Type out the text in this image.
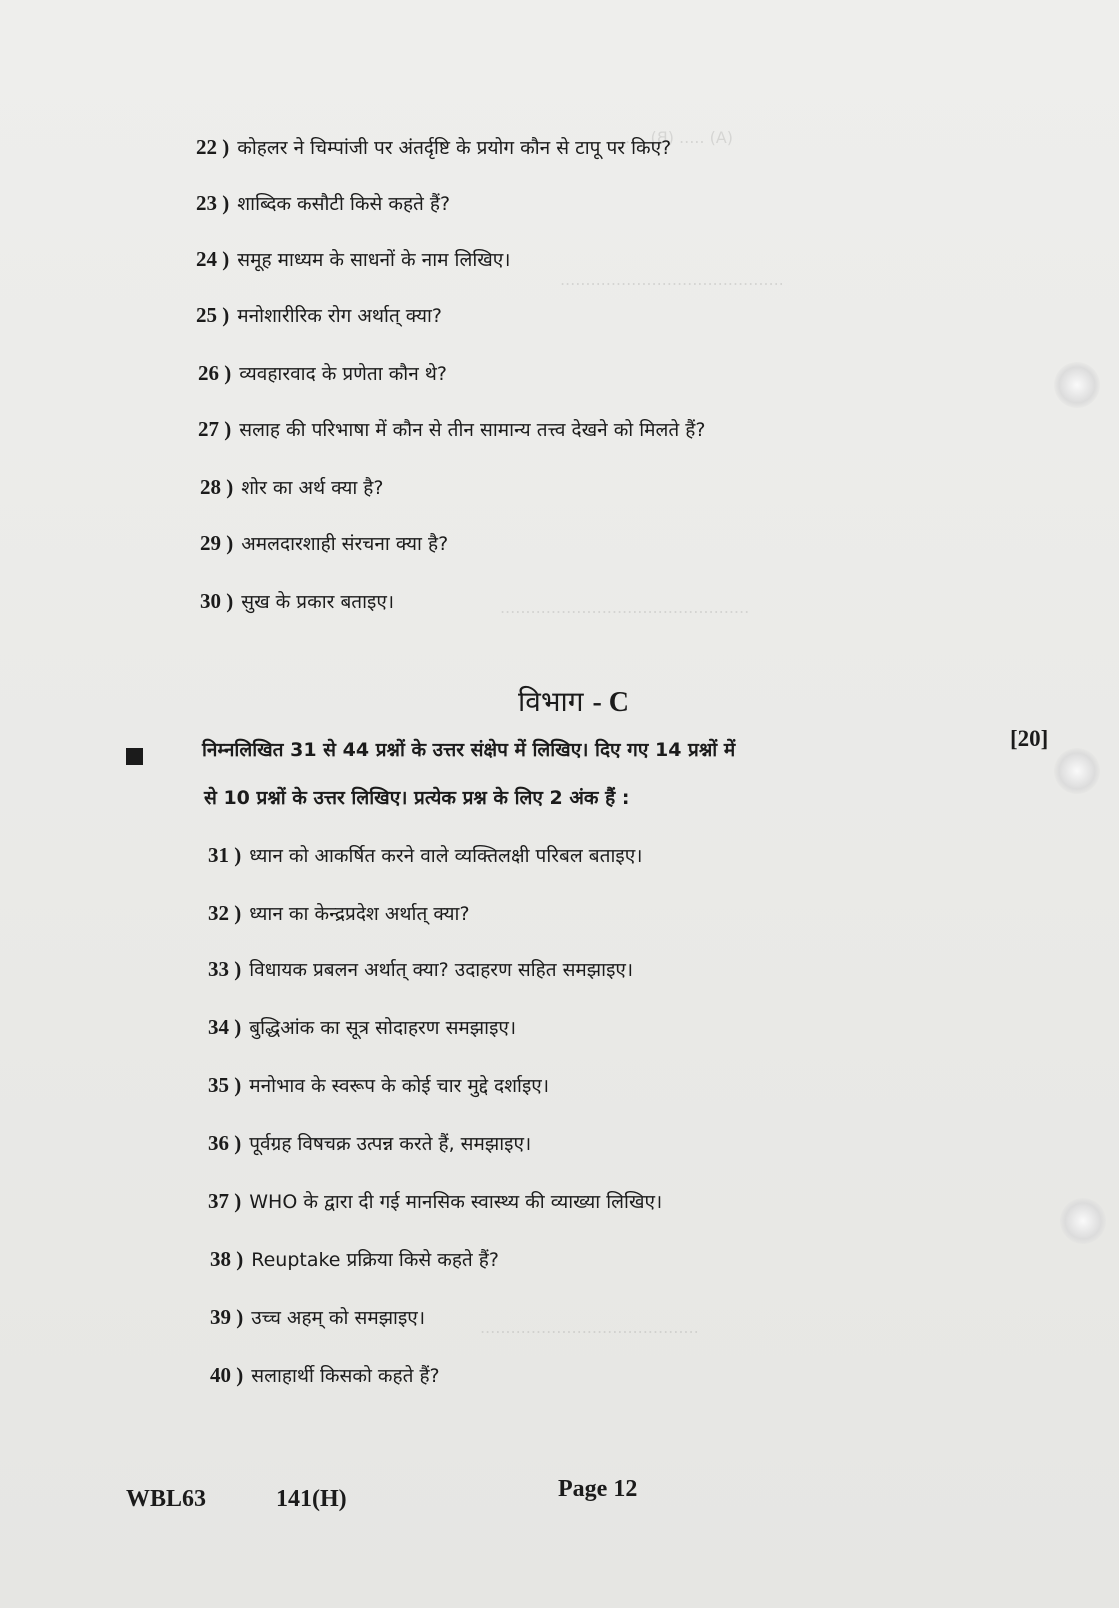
(A) ..... (B) .....
............................................
.................................................
...........................................
22 ) कोहलर ने चिम्पांजी पर अंतर्दृष्टि के प्रयोग कौन से टापू पर किए?
23 ) शाब्दिक कसौटी किसे कहते हैं?
24 ) समूह माध्यम के साधनों के नाम लिखिए।
25 ) मनोशारीरिक रोग अर्थात् क्या?
26 ) व्यवहारवाद के प्रणेता कौन थे?
27 ) सलाह की परिभाषा में कौन से तीन सामान्य तत्त्व देखने को मिलते हैं?
28 ) शोर का अर्थ क्या है?
29 ) अमलदारशाही संरचना क्या है?
30 ) सुख के प्रकार बताइए।
विभाग - C
निम्नलिखित 31 से 44 प्रश्नों के उत्तर संक्षेप में लिखिए। दिए गए 14 प्रश्नों में
से 10 प्रश्नों के उत्तर लिखिए। प्रत्येक प्रश्न के लिए 2 अंक हैं :
[20]
31 ) ध्यान को आकर्षित करने वाले व्यक्तिलक्षी परिबल बताइए।
32 ) ध्यान का केन्द्रप्रदेश अर्थात् क्या?
33 ) विधायक प्रबलन अर्थात् क्या? उदाहरण सहित समझाइए।
34 ) बुद्धिआंक का सूत्र सोदाहरण समझाइए।
35 ) मनोभाव के स्वरूप के कोई चार मुद्दे दर्शाइए।
36 ) पूर्वग्रह विषचक्र उत्पन्न करते हैं, समझाइए।
37 ) WHO के द्वारा दी गई मानसिक स्वास्थ्य की व्याख्या लिखिए।
38 ) Reuptake प्रक्रिया किसे कहते हैं?
39 ) उच्च अहम् को समझाइए।
40 ) सलाहार्थी किसको कहते हैं?
WBL63	141(H)	Page 12
